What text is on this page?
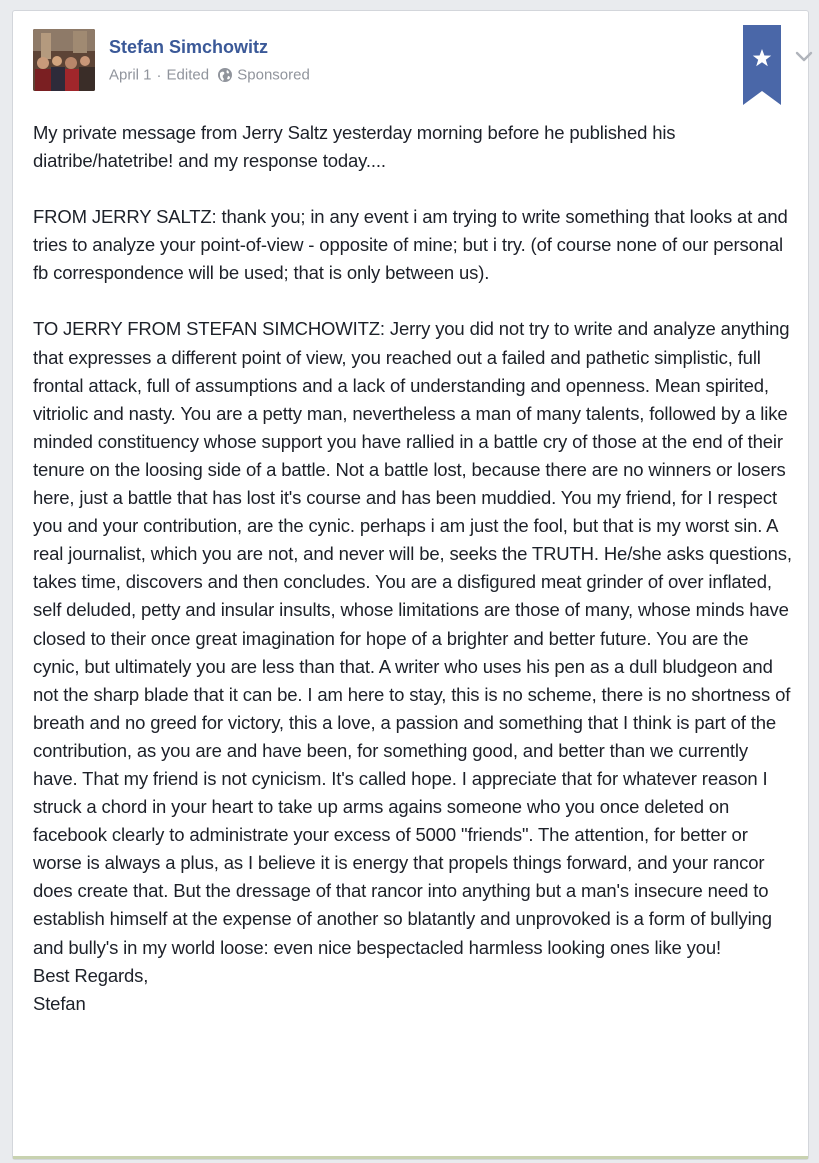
Stefan Simchowitz
April 1 · Edited Sponsored

My private message from Jerry Saltz yesterday morning before he published his diatribe/hatetribe! and my response today....

FROM JERRY SALTZ: thank you; in any event i am trying to write something that looks at and tries to analyze your point-of-view - opposite of mine; but i try. (of course none of our personal fb correspondence will be used; that is only between us).

TO JERRY FROM STEFAN SIMCHOWITZ: Jerry you did not try to write and analyze anything that expresses a different point of view, you reached out a failed and pathetic simplistic, full frontal attack, full of assumptions and a lack of understanding and openness. Mean spirited, vitriolic and nasty. You are a petty man, nevertheless a man of many talents, followed by a like minded constituency whose support you have rallied in a battle cry of those at the end of their tenure on the loosing side of a battle. Not a battle lost, because there are no winners or losers here, just a battle that has lost it's course and has been muddied. You my friend, for I respect you and your contribution, are the cynic. perhaps i am just the fool, but that is my worst sin. A real journalist, which you are not, and never will be, seeks the TRUTH. He/she asks questions, takes time, discovers and then concludes. You are a disfigured meat grinder of over inflated, self deluded, petty and insular insults, whose limitations are those of many, whose minds have closed to their once great imagination for hope of a brighter and better future. You are the cynic, but ultimately you are less than that. A writer who uses his pen as a dull bludgeon and not the sharp blade that it can be. I am here to stay, this is no scheme, there is no shortness of breath and no greed for victory, this a love, a passion and something that I think is part of the contribution, as you are and have been, for something good, and better than we currently have. That my friend is not cynicism. It's called hope. I appreciate that for whatever reason I struck a chord in your heart to take up arms agains someone who you once deleted on facebook clearly to administrate your excess of 5000 "friends". The attention, for better or worse is always a plus, as I believe it is energy that propels things forward, and your rancor does create that. But the dressage of that rancor into anything but a man's insecure need to establish himself at the expense of another so blatantly and unprovoked is a form of bullying and bully's in my world loose: even nice bespectacled harmless looking ones like you!

Best Regards,

Stefan
